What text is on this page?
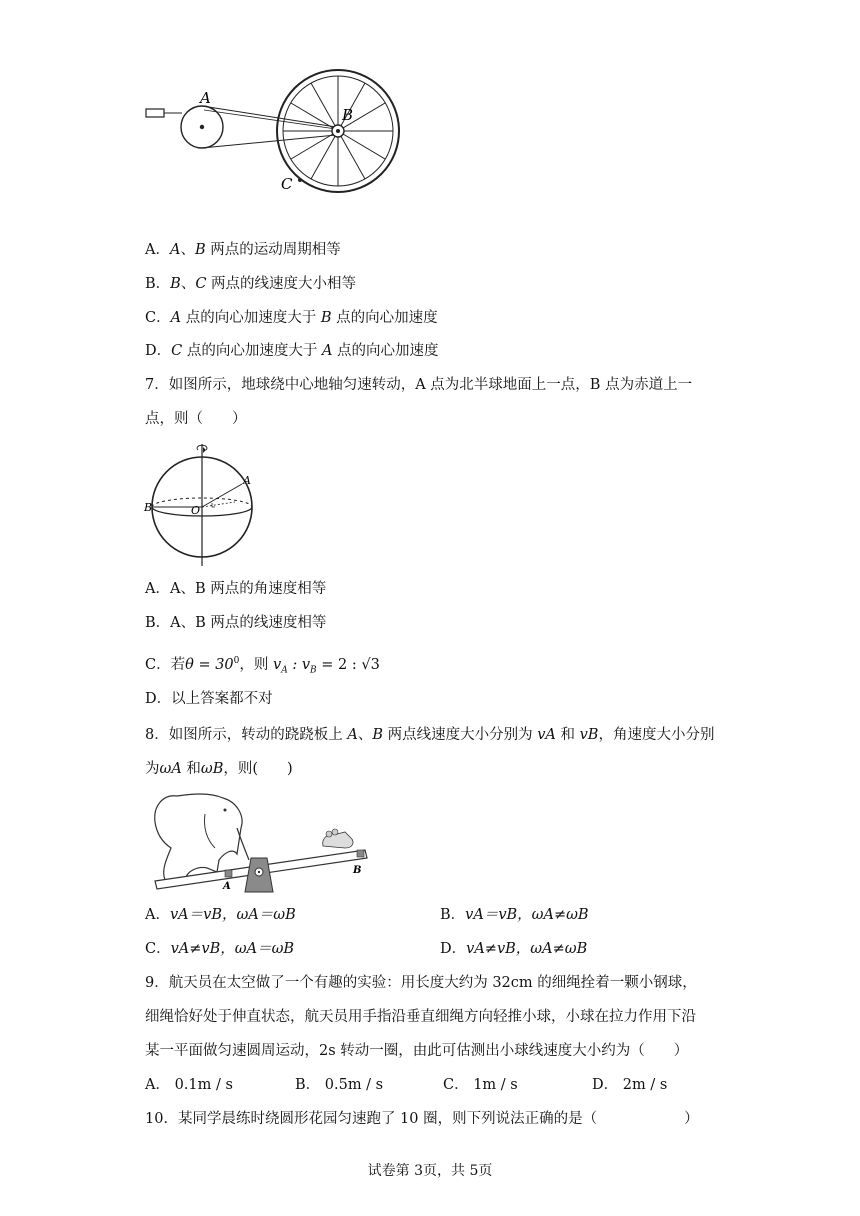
A
B
C
A．A、B 两点的运动周期相等
B．B、C 两点的线速度大小相等
C．A 点的向心加速度大于 B 点的向心加速度
D．C 点的向心加速度大于 A 点的向心加速度
7．如图所示，地球绕中心地轴匀速转动，A 点为北半球地面上一点，B 点为赤道上一
点，则（　　）
A
B	O
A．A、B 两点的角速度相等
B．A、B 两点的线速度相等
C．若$\theta = 30^0$，则 $v_A$ : $v_B = 2$ : √3
D．以上答案都不对
8．如图所示，转动的跷跷板上 A、B 两点线速度大小分别为 vA 和 vB，角速度大小分别
为ωA 和ωB，则(　　)
A
B
A．vA＝vB，ωA＝ωB	B．vA＝vB，ωA≠ωB
C．vA≠vB，ωA＝ωB	D．vA≠vB，ωA≠ωB
9．航天员在太空做了一个有趣的实验：用长度大约为 32cm 的细绳拴着一颗小钢球，
细绳恰好处于伸直状态，航天员用手指沿垂直细绳方向轻推小球，小球在拉力作用下沿
某一平面做匀速圆周运动，2s 转动一圈，由此可估测出小球线速度大小约为（　　）
A． 0.1m / s	B． 0.5m / s	C． 1m / s	D． 2m / s
10．某同学晨练时绕圆形花园匀速跑了 10 圈，则下列说法正确的是（　　　　　　）
试卷第 3页，共 5页
